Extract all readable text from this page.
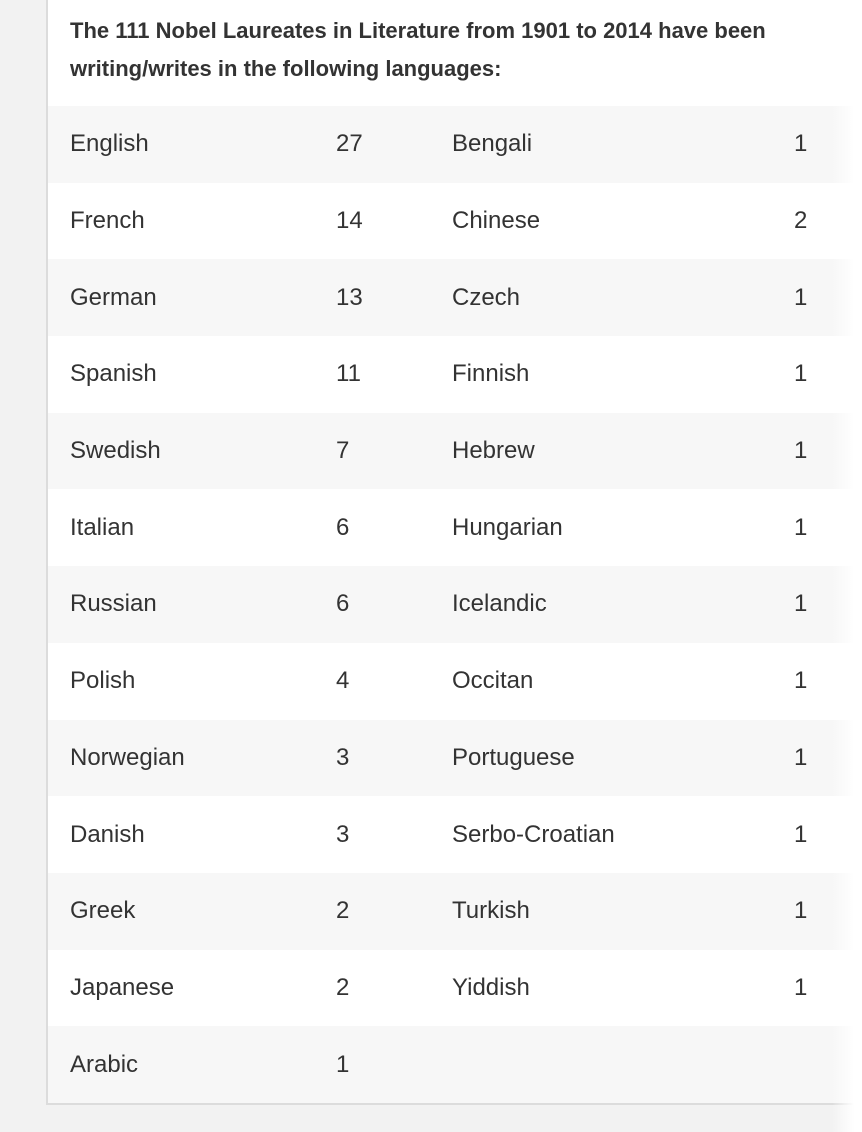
The 111 Nobel Laureates in Literature from 1901 to 2014 have been
writing/writes in the following languages:
English	27	Bengali	1
French	14	Chinese	2
German	13	Czech	1
Spanish	11	Finnish	1
Swedish	7	Hebrew	1
Italian	6	Hungarian	1
Russian	6	Icelandic	1
Polish	4	Occitan	1
Norwegian	3	Portuguese	1
Danish	3	Serbo-Croatian	1
Greek	2	Turkish	1
Japanese	2	Yiddish	1
Arabic	1
